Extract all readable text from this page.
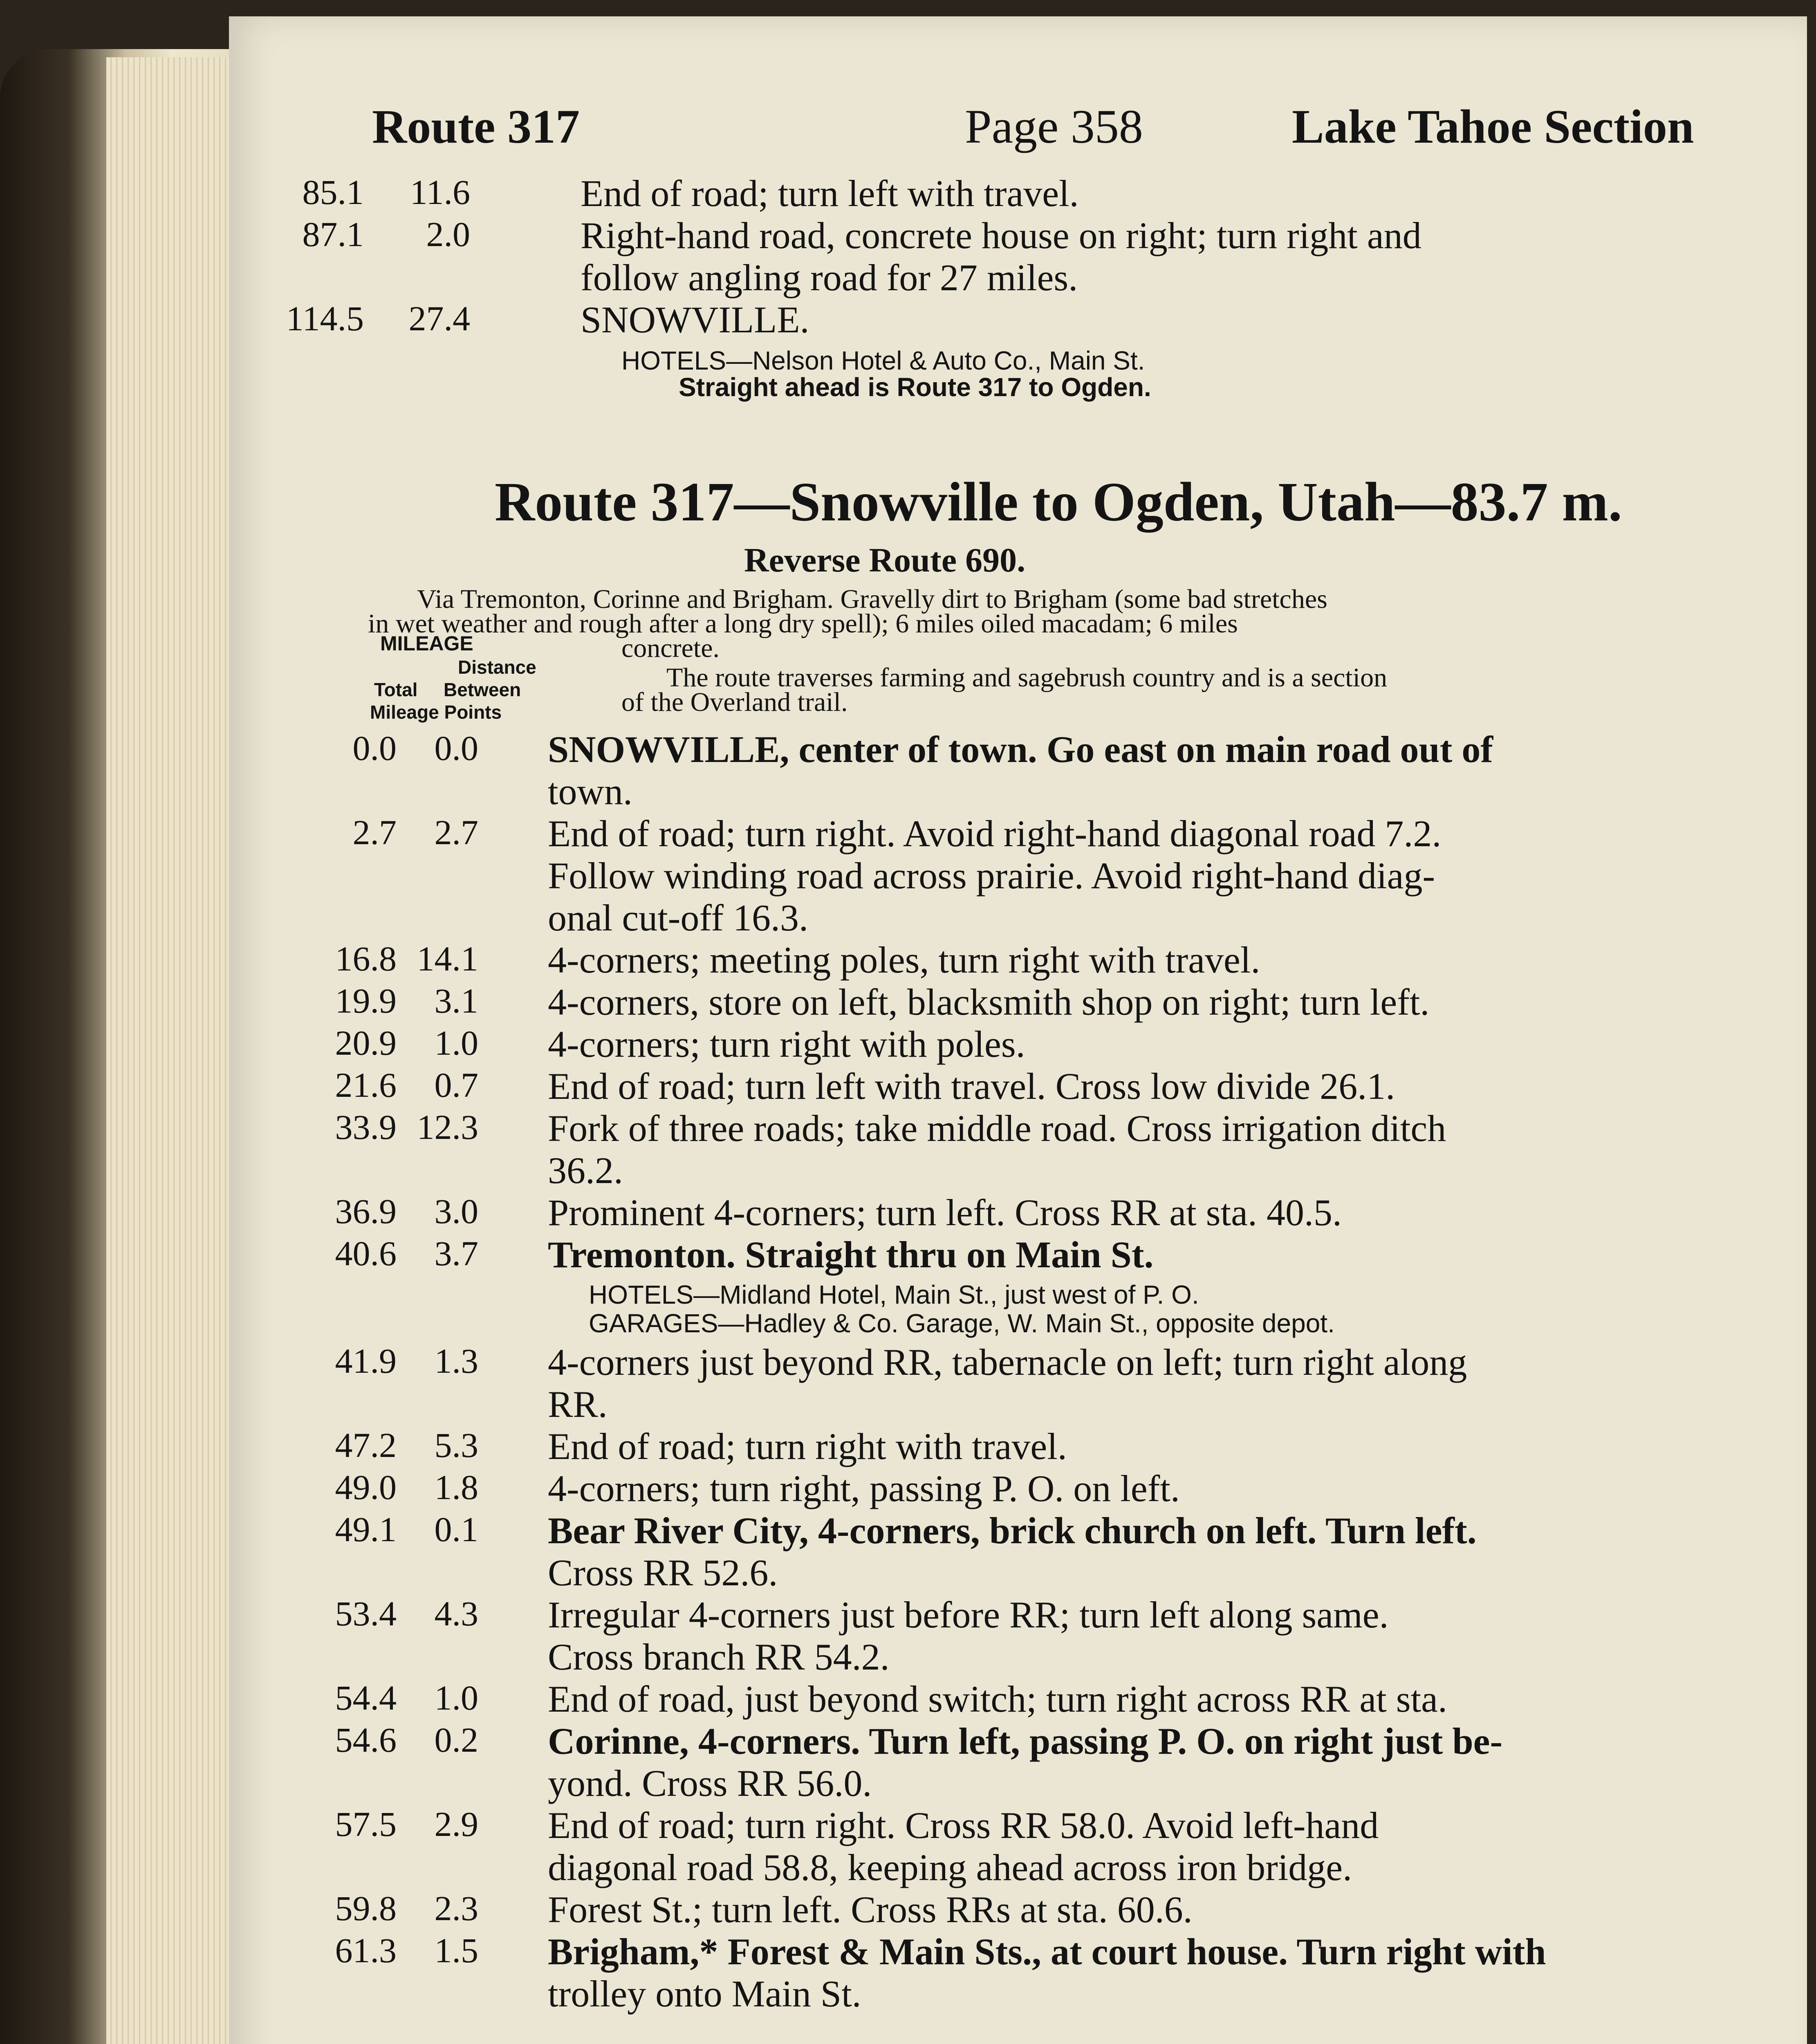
Route 317	Page 358	Lake Tahoe Section
85.1	11.6	End of road; turn left with travel.
87.1	2.0	Right-hand road, concrete house on right; turn right and
follow angling road for 27 miles.
114.5	27.4	SNOWVILLE.
HOTELS—Nelson Hotel & Auto Co., Main St.
Straight ahead is Route 317 to Ogden.
Route 317—Snowville to Ogden, Utah—83.7 m.
Reverse Route 690.
Via Tremonton, Corinne and Brigham. Gravelly dirt to Brigham (some bad stretches
in wet weather and rough after a long dry spell); 6 miles oiled macadam; 6 miles
concrete.
The route traverses farming and sagebrush country and is a section
of the Overland trail.
MILEAGE
Distance
Total Between
Mileage Points
0.0	0.0 SNOWVILLE, center of town. Go east on main road out of
town.
2.7	2.7 End of road; turn right. Avoid right-hand diagonal road 7.2.
Follow winding road across prairie. Avoid right-hand diag-
onal cut-off 16.3.
16.8 14.1 4-corners; meeting poles, turn right with travel.
19.9	3.1 4-corners, store on left, blacksmith shop on right; turn left.
20.9	1.0 4-corners; turn right with poles.
21.6	0.7 End of road; turn left with travel. Cross low divide 26.1.
33.9 12.3 Fork of three roads; take middle road. Cross irrigation ditch
36.2.
36.9	3.0 Prominent 4-corners; turn left. Cross RR at sta. 40.5.
40.6	3.7 Tremonton. Straight thru on Main St.
41.9	1.3 4-corners just beyond RR, tabernacle on left; turn right along
RR.
47.2	5.3 End of road; turn right with travel.
49.0	1.8 4-corners; turn right, passing P. O. on left.
49.1	0.1 Bear River City, 4-corners, brick church on left. Turn left.
Cross RR 52.6.
53.4	4.3 Irregular 4-corners just before RR; turn left along same.
Cross branch RR 54.2.
54.4	1.0 End of road, just beyond switch; turn right across RR at sta.
54.6	0.2 Corinne, 4-corners. Turn left, passing P. O. on right just be-
yond. Cross RR 56.0.
57.5	2.9 End of road; turn right. Cross RR 58.0. Avoid left-hand
diagonal road 58.8, keeping ahead across iron bridge.
59.8	2.3 Forest St.; turn left. Cross RRs at sta. 60.6.
61.3	1.5 Brigham,* Forest & Main Sts., at court house. Turn right with
trolley onto Main St.
HOTELS—Midland Hotel, Main St., just west of P. O.
GARAGES—Hadley & Co. Garage, W. Main St., opposite depot.
